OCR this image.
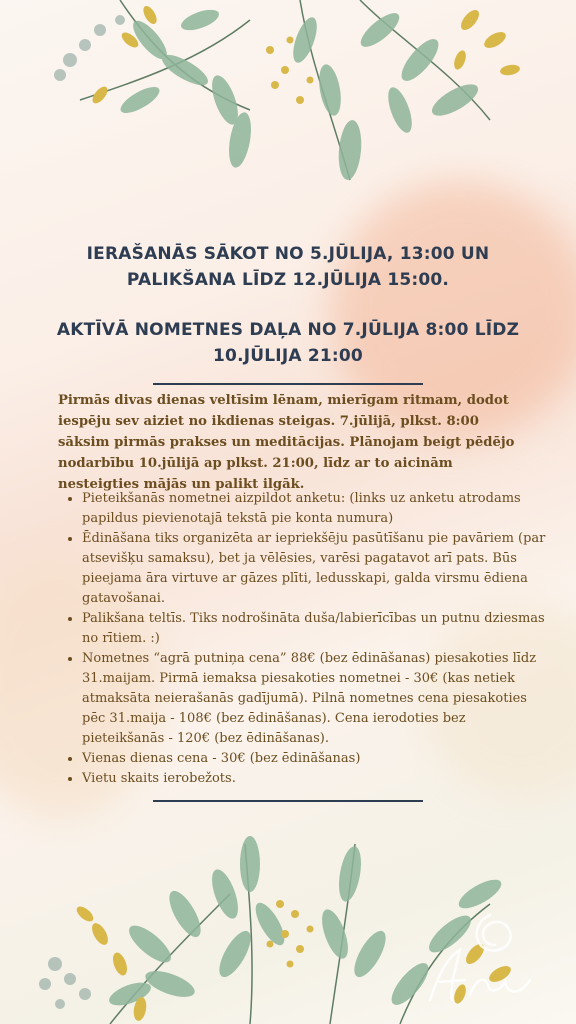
IERAŠANĀS SĀKOT NO 5.JŪLIJA, 13:00 UN
PALIKŠANA LĪDZ 12.JŪLIJA 15:00.
AKTĪVĀ NOMETNES DAĻA NO 7.JŪLIJA 8:00 LĪDZ
10.JŪLIJA 21:00
Pirmās divas dienas veltīsim lēnam, mierīgam ritmam, dodot iespēju sev aiziet no ikdienas steigas. 7.jūlijā, plkst. 8:00 sāksim pirmās prakses un meditācijas. Plānojam beigt pēdējo nodarbību 10.jūlijā ap plkst. 21:00, līdz ar to aicinām nesteigties mājās un palikt ilgāk.
• Pieteikšanās nometnei aizpildot anketu: (links uz anketu atrodams papildus pievienotajā tekstā pie konta numura)
• Ēdināšana tiks organizēta ar iepriekšēju pasūtīšanu pie pavāriem (par atsevišķu samaksu), bet ja vēlēsies, varēsi pagatavot arī pats. Būs pieejama āra virtuve ar gāzes plīti, ledusskapi, galda virsmu ēdiena gatavošanai.
• Palikšana teltīs. Tiks nodrošināta duša/labierīcības un putnu dziesmas no rītiem. :)
• Nometnes “agrā putniņa cena” 88€ (bez ēdināšanas) piesakoties līdz 31.maijam. Pirmā iemaksa piesakoties nometnei - 30€ (kas netiek atmaksāta neierašanās gadījumā). Pilnā nometnes cena piesakoties pēc 31.maija - 108€ (bez ēdināšanas). Cena ierodoties bez pieteikšanās - 120€ (bez ēdināšanas).
• Vienas dienas cena - 30€ (bez ēdināšanas)
• Vietu skaits ierobežots.
